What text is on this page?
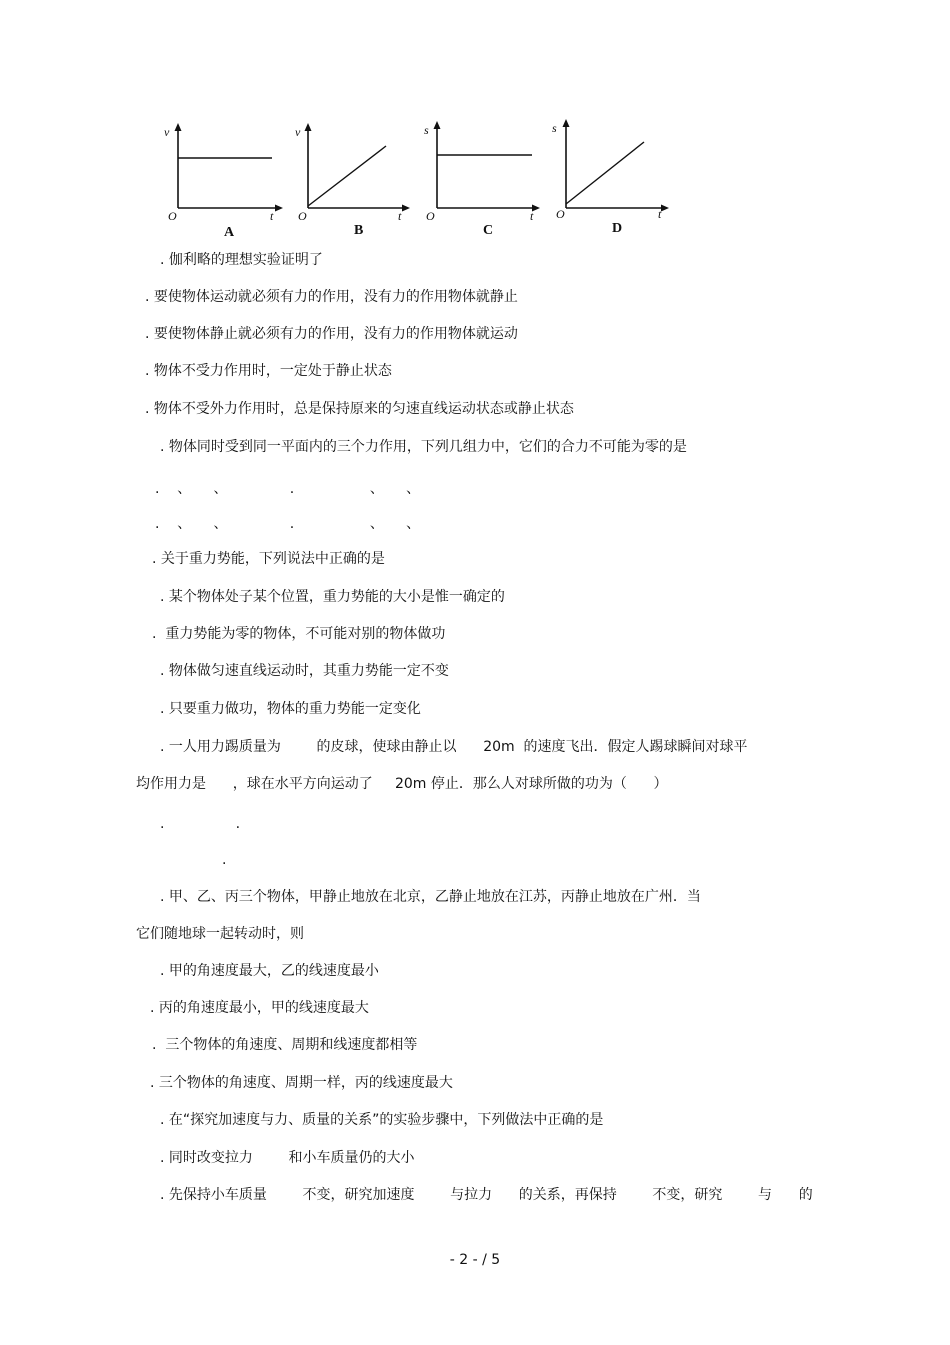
v
O	t
A
v
O	t
B
s
O	t
C
s
O	t
D
. 伽利略的理想实验证明了
. 要使物体运动就必须有力的作用，没有力的作用物体就静止
. 要使物体静止就必须有力的作用，没有力的作用物体就运动
. 物体不受力作用时，一定处于静止状态
. 物体不受外力作用时，总是保持原来的匀速直线运动状态或静止状态
. 物体同时受到同一平面内的三个力作用，下列几组力中，它们的合力不可能为零的是
.    、     、              .                 、     、
.    、     、              .                 、     、
. 关于重力势能，下列说法中正确的是
. 某个物体处子某个位置，重力势能的大小是惟一确定的
.  重力势能为零的物体，不可能对别的物体做功
. 物体做匀速直线运动时，其重力势能一定不变
. 只要重力做功，物体的重力势能一定变化
. 一人用力踢质量为        的皮球，使球由静止以      20m  的速度飞出．假定人踢球瞬间对球平
均作用力是      ，球在水平方向运动了     20m 停止．那么人对球所做的功为（      ）
.                .
.
. 甲、乙、丙三个物体，甲静止地放在北京，乙静止地放在江苏，丙静止地放在广州．当
它们随地球一起转动时，则
. 甲的角速度最大，乙的线速度最小
. 丙的角速度最小，甲的线速度最大
.  三个物体的角速度、周期和线速度都相等
. 三个物体的角速度、周期一样，丙的线速度最大
. 在“探究加速度与力、质量的关系”的实验步骤中，下列做法中正确的是
. 同时改变拉力        和小车质量仍的大小
. 先保持小车质量        不变，研究加速度        与拉力      的关系，再保持        不变，研究        与      的
- 2 - / 5
